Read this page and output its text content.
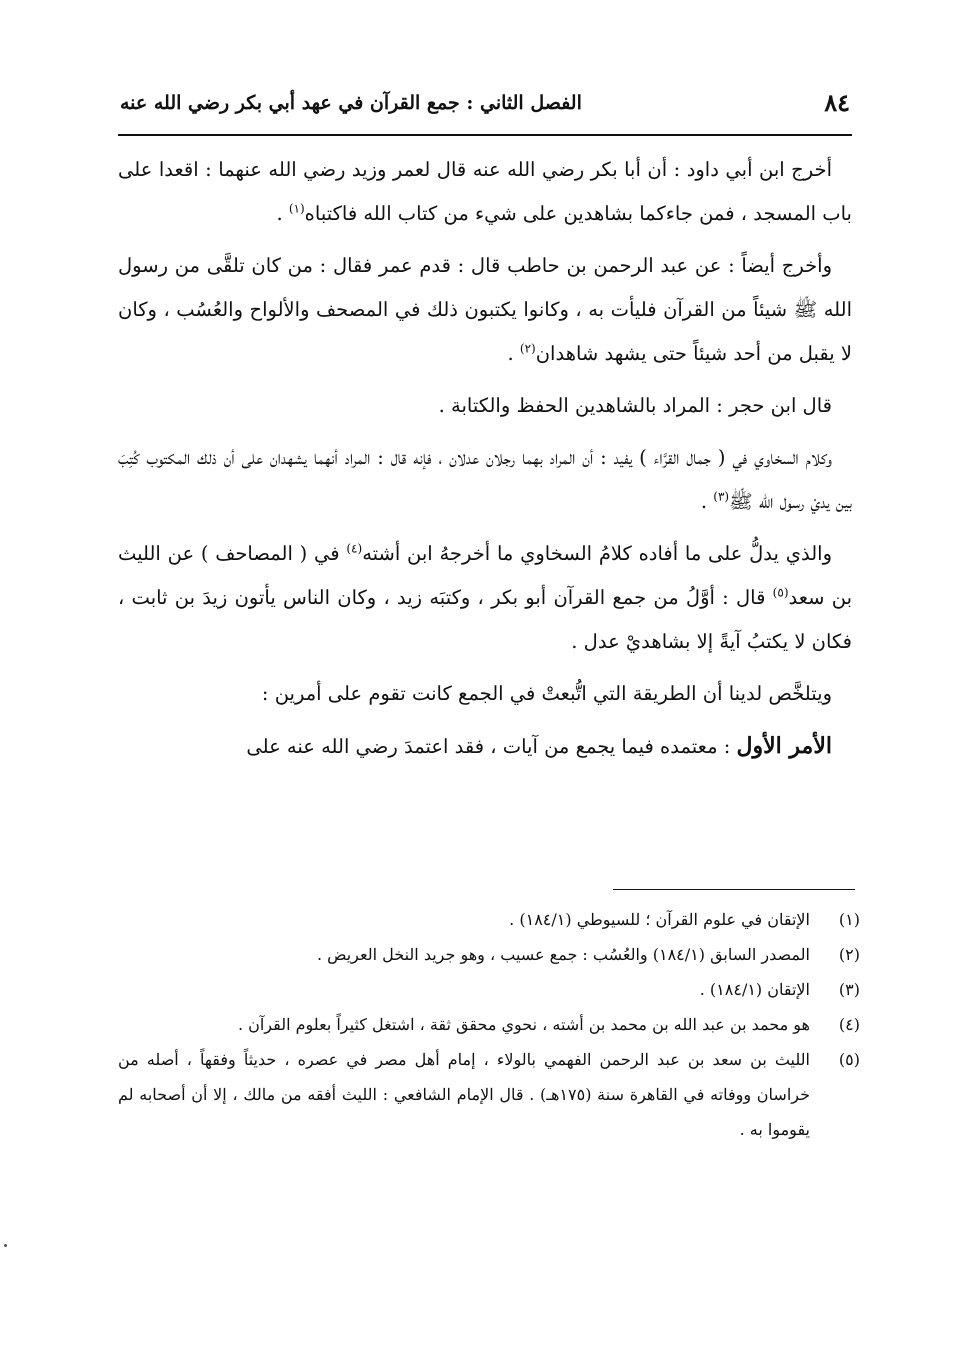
٨٤
الفصل الثاني : جمع القرآن في عهد أبي بكر رضي الله عنه

أخرج ابن أبي داود : أن أبا بكر رضي الله عنه قال لعمر وزيد رضي الله عنهما : اقعدا على باب المسجد ، فمن جاءكما بشاهدين على شيء من كتاب الله فاكتباه$^{(١)}$ .

وأخرج أيضاً : عن عبد الرحمن بن حاطب قال : قدم عمر فقال : من كان تلقَّى من رسول الله ﷺ شيئاً من القرآن فليأت به ، وكانوا يكتبون ذلك في المصحف والألواح والعُسُب ، وكان لا يقبل من أحد شيئاً حتى يشهد شاهدان$^{(٢)}$ .

قال ابن حجر : المراد بالشاهدين الحفظ والكتابة .

وكلام السخاوي في ( جمال القرَّاء ) يفيد : أن المراد بهما رجلان عدلان ، فإنه قال : المراد أنهما يشهدان على أن ذلك المكتوب كُتِبَ بين يديْ رسول الله ﷺ$^{(٣)}$ .

والذي يدلُّ على ما أفاده كلامُ السخاوي ما أخرجهُ ابن أشته$^{(٤)}$ في ( المصاحف ) عن الليث بن سعد$^{(٥)}$ قال : أوَّلُ من جمع القرآن أبو بكر ، وكتبَه زيد ، وكان الناس يأتون زيدَ بن ثابت ، فكان لا يكتبُ آيةً إلا بشاهديْ عدل .

ويتلخَّص لدينا أن الطريقة التي اتُّبعتْ في الجمع كانت تقوم على أمرين :

الأمر الأول : معتمده فيما يجمع من آيات ، فقد اعتمدَ رضي الله عنه على

(١)
الإتقان في علوم القرآن ؛ للسيوطي (١٨٤/١) .
(٢)
المصدر السابق (١٨٤/١) والعُسُب : جمع عسيب ، وهو جريد النخل العريض .
(٣)
الإتقان (١٨٤/١) .
(٤)
هو محمد بن عبد الله بن محمد بن أشته ، نحوي محقق ثقة ، اشتغل كثيراً بعلوم القرآن .
(٥)
الليث بن سعد بن عبد الرحمن الفهمي بالولاء ، إمام أهل مصر في عصره ، حديثاً وفقهاً ، أصله من خراسان ووفاته في القاهرة سنة (١٧٥هـ) . قال الإمام الشافعي : الليث أفقه من مالك ، إلا أن أصحابه لم يقوموا به .
